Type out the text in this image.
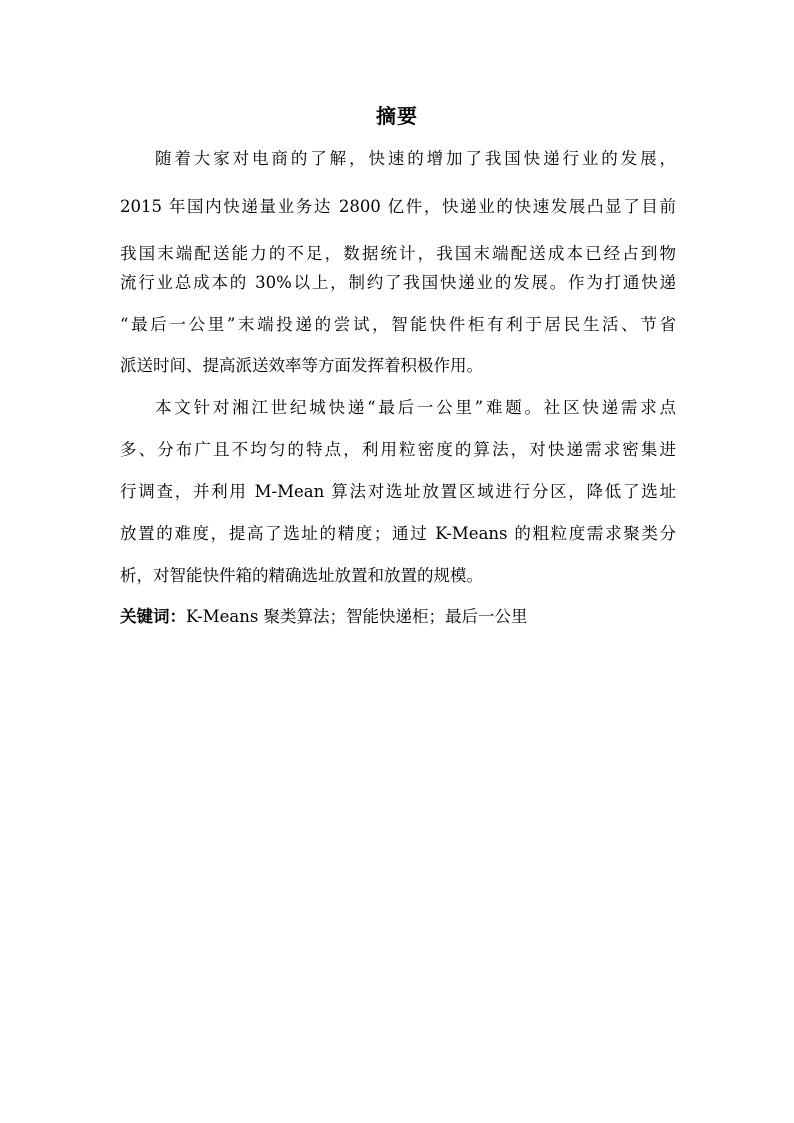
摘要
随着大家对电商的了解，快速的增加了我国快递行业的发展，
2015 年国内快递量业务达 2800 亿件，快递业的快速发展凸显了目前
我国末端配送能力的不足，数据统计，我国末端配送成本已经占到物
流行业总成本的 30%以上，制约了我国快递业的发展。作为打通快递
“最后一公里”末端投递的尝试，智能快件柜有利于居民生活、节省
派送时间、提高派送效率等方面发挥着积极作用。
本文针对湘江世纪城快递“最后一公里”难题。社区快递需求点
多、分布广且不均匀的特点，利用粒密度的算法，对快递需求密集进
行调查，并利用 M-Mean 算法对选址放置区域进行分区，降低了选址
放置的难度，提高了选址的精度；通过 K-Means 的粗粒度需求聚类分
析，对智能快件箱的精确选址放置和放置的规模。
关键词：K-Means 聚类算法；智能快递柜；最后一公里
